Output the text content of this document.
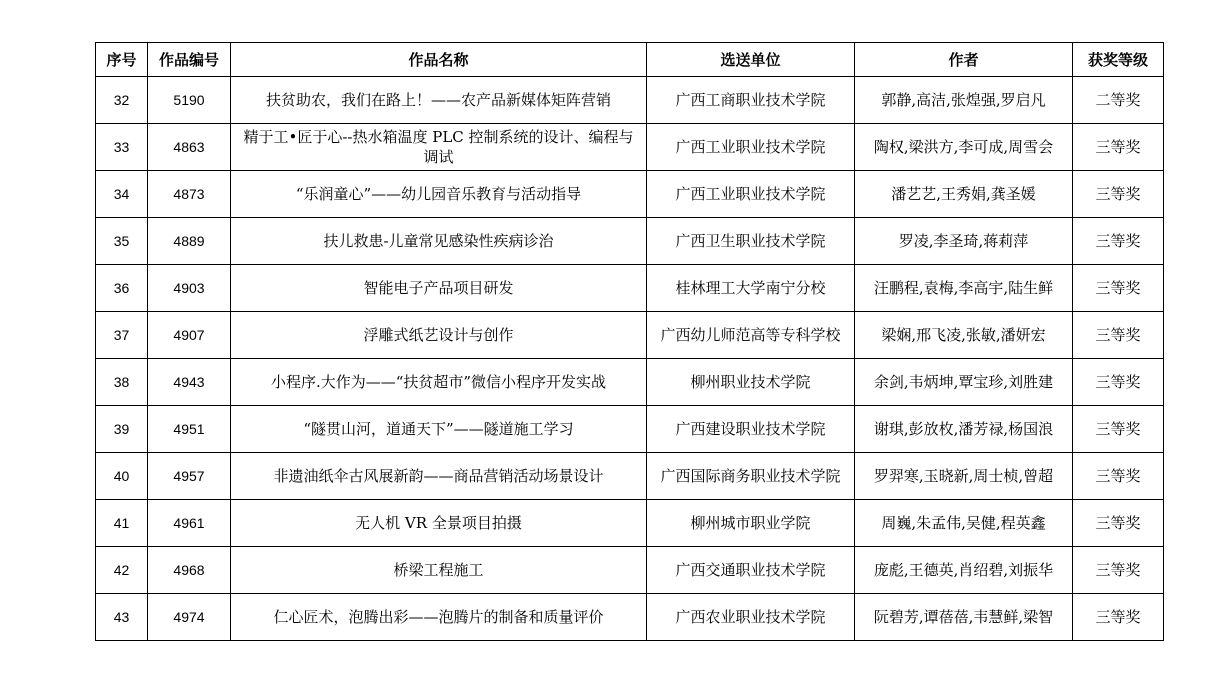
序号	作品编号	作品名称	选送单位	作者	获奖等级
32	5190	扶贫助农，我们在路上！——农产品新媒体矩阵营销	广西工商职业技术学院	郭静,高洁,张煌强,罗启凡	二等奖
33	4863	精于工•匠于心--热水箱温度 PLC 控制系统的设计、编程与调试	广西工业职业技术学院	陶权,梁洪方,李可成,周雪会	三等奖
34	4873	“乐润童心”——幼儿园音乐教育与活动指导	广西工业职业技术学院	潘艺艺,王秀娟,龚圣媛	三等奖
35	4889	扶儿救患-儿童常见感染性疾病诊治	广西卫生职业技术学院	罗凌,李圣琦,蒋莉萍	三等奖
36	4903	智能电子产品项目研发	桂林理工大学南宁分校	汪鹏程,袁梅,李高宇,陆生鲜	三等奖
37	4907	浮雕式纸艺设计与创作	广西幼儿师范高等专科学校	梁娴,邢飞凌,张敏,潘妍宏	三等奖
38	4943	小程序.大作为——“扶贫超市”微信小程序开发实战	柳州职业技术学院	余剑,韦炳坤,覃宝珍,刘胜建	三等奖
39	4951	“隧贯山河，道通天下”——隧道施工学习	广西建设职业技术学院	谢琪,彭放枚,潘芳禄,杨国浪	三等奖
40	4957	非遗油纸伞古风展新韵——商品营销活动场景设计	广西国际商务职业技术学院	罗羿寒,玉晓新,周士桢,曾超	三等奖
41	4961	无人机 VR 全景项目拍摄	柳州城市职业学院	周巍,朱孟伟,吴健,程英鑫	三等奖
42	4968	桥梁工程施工	广西交通职业技术学院	庞彪,王德英,肖绍碧,刘振华	三等奖
43	4974	仁心匠术，泡腾出彩——泡腾片的制备和质量评价	广西农业职业技术学院	阮碧芳,谭蓓蓓,韦慧鲜,梁智	三等奖
